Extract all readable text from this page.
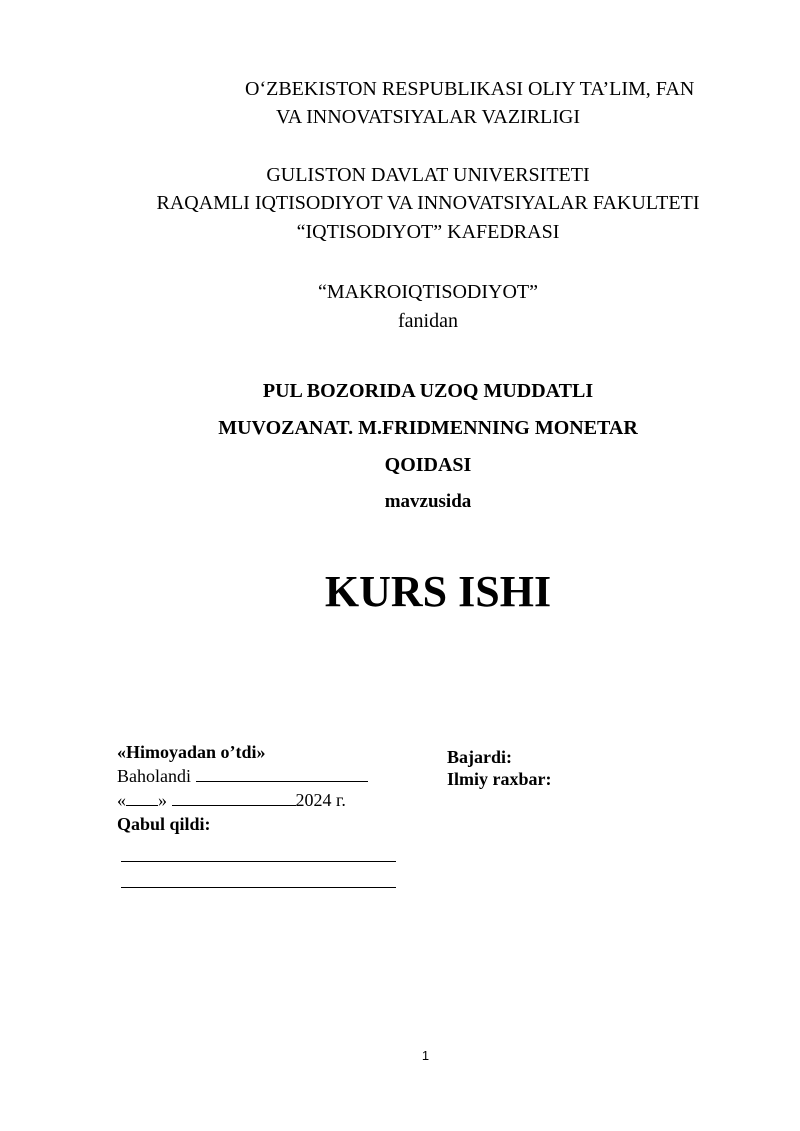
O‘ZBEKISTON RESPUBLIKASI OLIY TA’LIM, FAN
VA INNOVATSIYALAR VAZIRLIGI
GULISTON DAVLAT UNIVERSITETI
RAQAMLI IQTISODIYOT VA INNOVATSIYALAR FAKULTETI
“IQTISODIYOT” KAFEDRASI
“MAKROIQTISODIYOT”
fanidan
PUL BOZORIDA UZOQ MUDDATLI
MUVOZANAT. M.FRIDMENNING MONETAR
QOIDASI
mavzusida
KURS ISHI
«Himoyadan o’tdi»
Baholandi
« »	2024 г.
Qabul qildi:
Bajardi:
Ilmiy raxbar:
1
